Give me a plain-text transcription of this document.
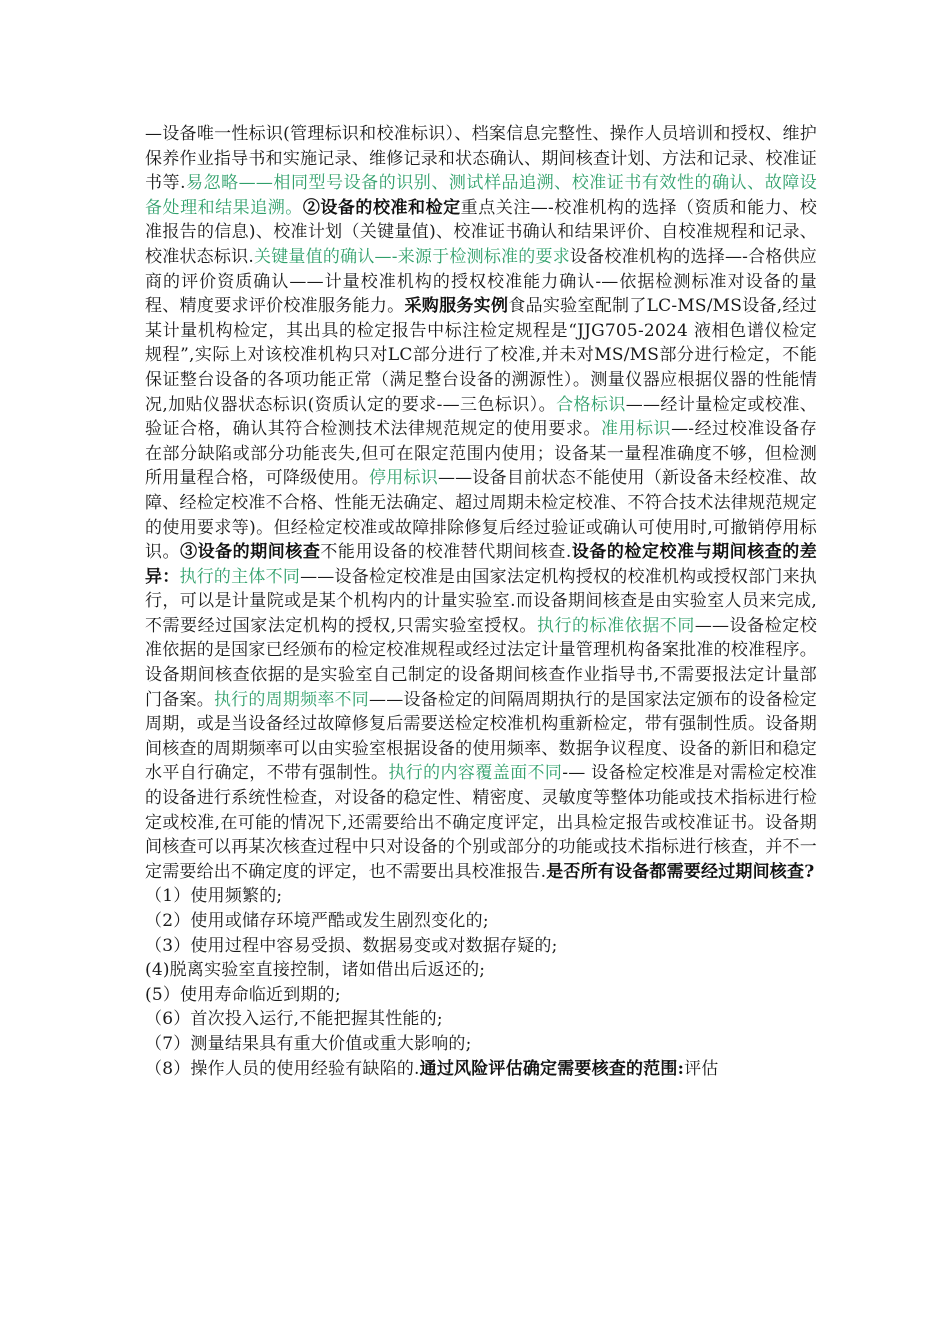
—设备唯一性标识(管理标识和校准标识）、档案信息完整性、操作人员培训和授权、维护保养作业指导书和实施记录、维修记录和状态确认、期间核查计划、方法和记录、校准证书等.易忽略——相同型号设备的识别、测试样品追溯、校准证书有效性的确认、故障设备处理和结果追溯。②设备的校准和检定重点关注—-校准机构的选择（资质和能力、校准报告的信息)、校准计划（关键量值)、校准证书确认和结果评价、自校准规程和记录、校准状态标识.关键量值的确认—-来源于检测标准的要求设备校准机构的选择—-合格供应商的评价资质确认——计量校准机构的授权校准能力确认-—依据检测标准对设备的量程、精度要求评价校准服务能力。采购服务实例食品实验室配制了LC-MS/MS设备,经过某计量机构检定，其出具的检定报告中标注检定规程是“JJG705-2024 液相色谱仪检定规程”,实际上对该校准机构只对LC部分进行了校准,并未对MS/MS部分进行检定，不能保证整台设备的各项功能正常（满足整台设备的溯源性）。测量仪器应根据仪器的性能情况,加贴仪器状态标识(资质认定的要求-—三色标识）。合格标识——经计量检定或校准、验证合格，确认其符合检测技术法律规范规定的使用要求。准用标识—-经过校准设备存在部分缺陷或部分功能丧失,但可在限定范围内使用；设备某一量程准确度不够，但检测所用量程合格，可降级使用。停用标识——设备目前状态不能使用（新设备未经校准、故障、经检定校准不合格、性能无法确定、超过周期未检定校准、不符合技术法律规范规定的使用要求等)。但经检定校准或故障排除修复后经过验证或确认可使用时,可撤销停用标识。③设备的期间核查不能用设备的校准替代期间核查.设备的检定校准与期间核查的差异：执行的主体不同——设备检定校准是由国家法定机构授权的校准机构或授权部门来执行，可以是计量院或是某个机构内的计量实验室.而设备期间核查是由实验室人员来完成,不需要经过国家法定机构的授权,只需实验室授权。执行的标准依据不同——设备检定校准依据的是国家已经颁布的检定校准规程或经过法定计量管理机构备案批准的校准程序。设备期间核查依据的是实验室自己制定的设备期间核查作业指导书,不需要报法定计量部门备案。执行的周期频率不同——设备检定的间隔周期执行的是国家法定颁布的设备检定周期，或是当设备经过故障修复后需要送检定校准机构重新检定，带有强制性质。设备期间核查的周期频率可以由实验室根据设备的使用频率、数据争议程度、设备的新旧和稳定水平自行确定，不带有强制性。执行的内容覆盖面不同-— 设备检定校准是对需检定校准的设备进行系统性检查，对设备的稳定性、精密度、灵敏度等整体功能或技术指标进行检定或校准,在可能的情况下,还需要给出不确定度评定，出具检定报告或校准证书。设备期间核查可以再某次核查过程中只对设备的个别或部分的功能或技术指标进行核查，并不一定需要给出不确定度的评定，也不需要出具校准报告.是否所有设备都需要经过期间核查?

（1）使用频繁的;
（2）使用或储存环境严酷或发生剧烈变化的;
（3）使用过程中容易受损、数据易变或对数据存疑的;
(4)脱离实验室直接控制，诸如借出后返还的;
(5）使用寿命临近到期的;
（6）首次投入运行,不能把握其性能的;
（7）测量结果具有重大价值或重大影响的;
（8）操作人员的使用经验有缺陷的.通过风险评估确定需要核查的范围:评估
